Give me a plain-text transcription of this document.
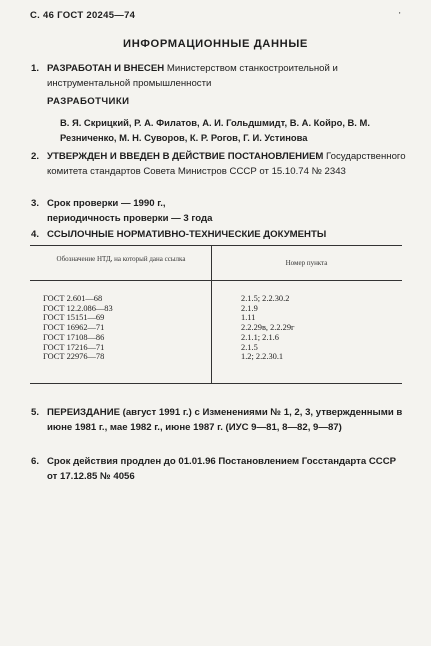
С. 46 ГОСТ 20245—74	'
ИНФОРМАЦИОННЫЕ ДАННЫЕ
1. РАЗРАБОТАН И ВНЕСЕН Министерством станкостроительной и инструментальной промышленности
РАЗРАБОТЧИКИ
В. Я. Скрицкий, Р. А. Филатов, А. И. Гольдшмидт, В. А. Койро, В. М. Резниченко, М. Н. Суворов, К. Р. Рогов, Г. И. Устинова
2. УТВЕРЖДЕН И ВВЕДЕН В ДЕЙСТВИЕ ПОСТАНОВЛЕНИЕМ Государственного комитета стандартов Совета Министров СССР от 15.10.74 № 2343
3. Срок проверки — 1990 г.,
периодичность проверки — 3 года
4. ССЫЛОЧНЫЕ НОРМАТИВНО-ТЕХНИЧЕСКИЕ ДОКУМЕНТЫ
Обозначение НТД, на который дана ссылка	Номер пункта
ГОСТ 2.601—68
ГОСТ 12.2.086—83
ГОСТ 15151—69
ГОСТ 16962—71
ГОСТ 17108—86
ГОСТ 17216—71
ГОСТ 22976—78
2.1.5; 2.2.30.2
2.1.9
1.11
2.2.29в, 2.2.29г
2.1.1; 2.1.6
2.1.5
1.2; 2.2.30.1
5. ПЕРЕИЗДАНИЕ (август 1991 г.) с Изменениями № 1, 2, 3, утвержденными в июне 1981 г., мае 1982 г., июне 1987 г. (ИУС 9—81, 8—82, 9—87)
6. Срок действия продлен до 01.01.96 Постановлением Госстандарта СССР от 17.12.85 № 4056
